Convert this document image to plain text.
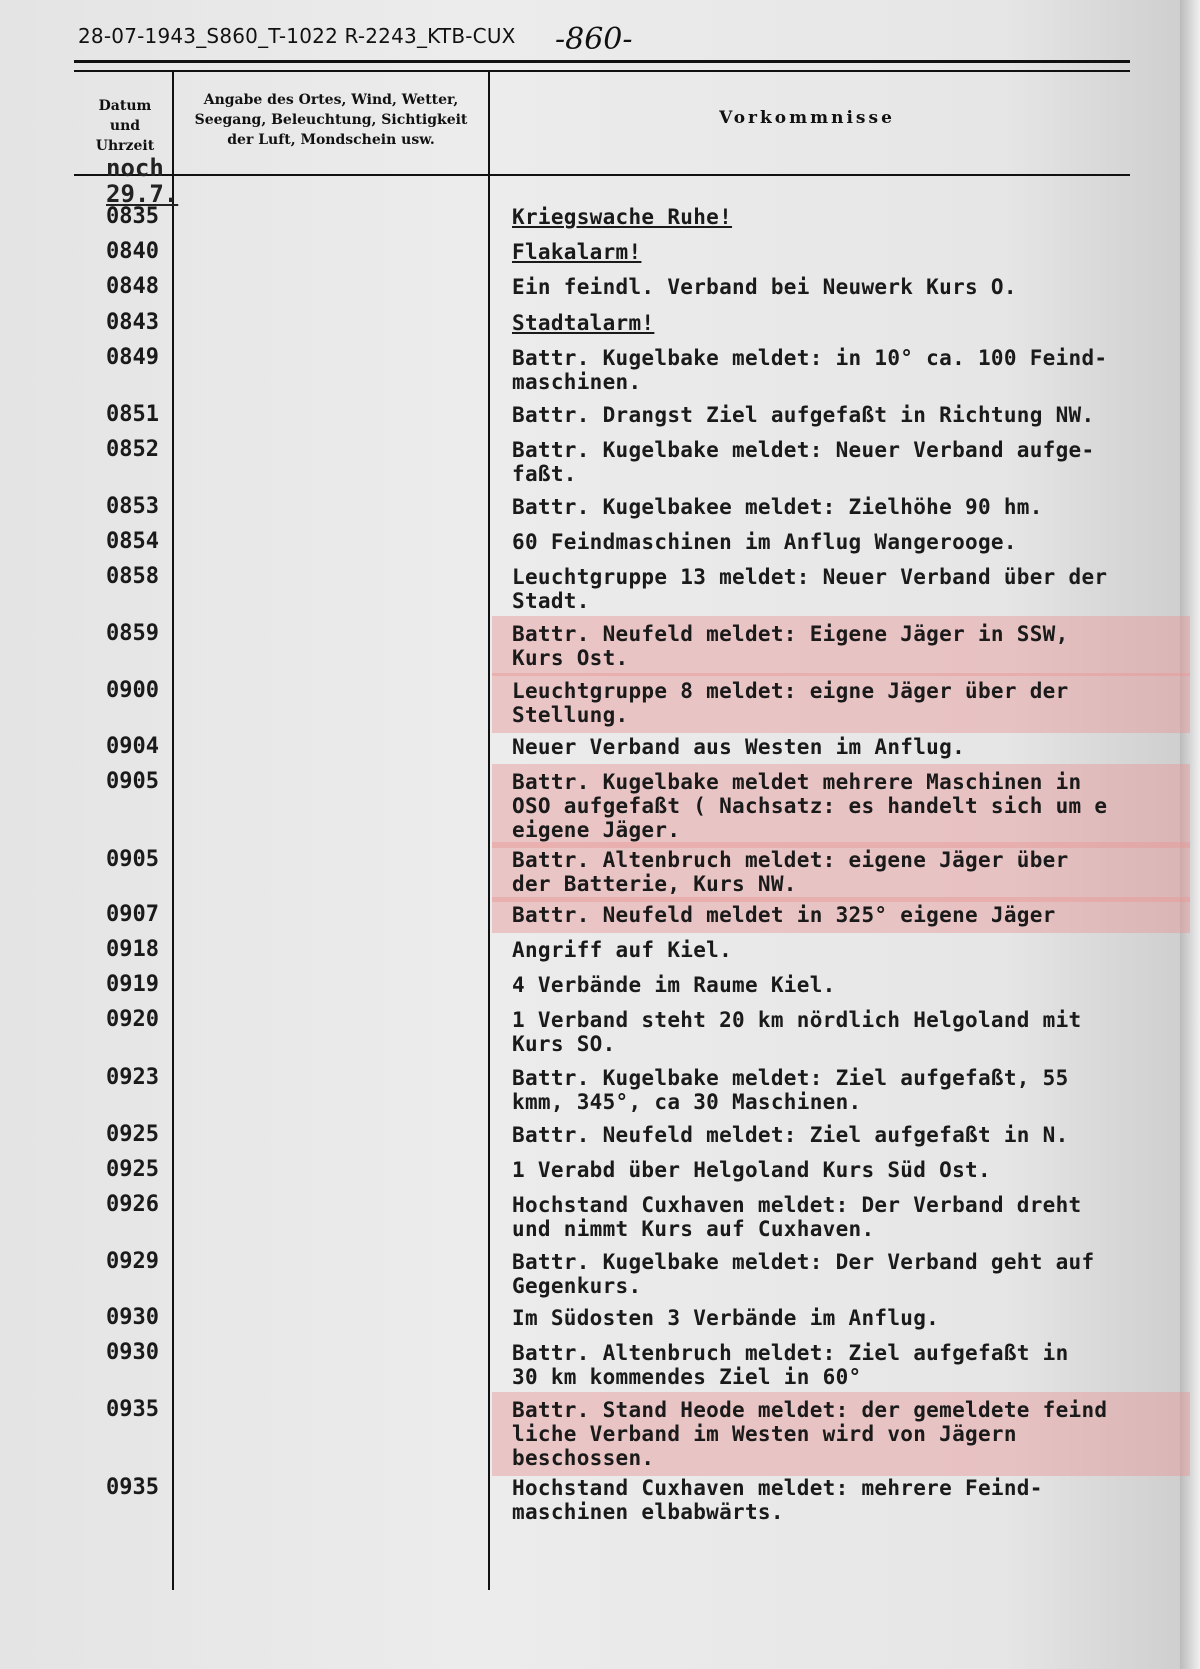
28-07-1943_S860_T-1022 R-2243_KTB-CUX -860-
Datum
und
Uhrzeit
Angabe des Ortes, Wind, Wetter,
Seegang, Beleuchtung, Sichtigkeit
der Luft, Mondschein usw.
Vorkommnisse
noch
29.7.
0835	Kriegswache Ruhe!
0840	Flakalarm!
0848	Ein feindl. Verband bei Neuwerk Kurs O.
0843	Stadtalarm!
0849	Battr. Kugelbake meldet: in 10° ca. 100 Feind-
maschinen.
0851	Battr. Drangst Ziel aufgefaßt in Richtung NW.
0852	Battr. Kugelbake meldet: Neuer Verband aufge-
faßt.
0853	Battr. Kugelbakee meldet: Zielhöhe 90 hm.
0854	60 Feindmaschinen im Anflug Wangerooge.
0858	Leuchtgruppe 13 meldet: Neuer Verband über der
Stadt.
0859	Battr. Neufeld meldet: Eigene Jäger in SSW,
Kurs Ost.
0900	Leuchtgruppe 8 meldet: eigne Jäger über der
Stellung.
0904	Neuer Verband aus Westen im Anflug.
0905	Battr. Kugelbake meldet mehrere Maschinen in
OSO aufgefaßt ( Nachsatz: es handelt sich um e
eigene Jäger.
0905	Battr. Altenbruch meldet: eigene Jäger über
der Batterie, Kurs NW.
0907	Battr. Neufeld meldet in 325° eigene Jäger
0918	Angriff auf Kiel.
0919	4 Verbände im Raume Kiel.
0920	1 Verband steht 20 km nördlich Helgoland mit
Kurs SO.
0923	Battr. Kugelbake meldet: Ziel aufgefaßt, 55
kmm, 345°, ca 30 Maschinen.
0925	Battr. Neufeld meldet: Ziel aufgefaßt in N.
0925	1 Verabd über Helgoland Kurs Süd Ost.
0926	Hochstand Cuxhaven meldet: Der Verband dreht
und nimmt Kurs auf Cuxhaven.
0929	Battr. Kugelbake meldet: Der Verband geht auf
Gegenkurs.
0930	Im Südosten 3 Verbände im Anflug.
0930	Battr. Altenbruch meldet: Ziel aufgefaßt in
30 km kommendes Ziel in 60°
0935	Battr. Stand Heode meldet: der gemeldete feind
liche Verband im Westen wird von Jägern
beschossen.
0935	Hochstand Cuxhaven meldet: mehrere Feind-
maschinen elbabwärts.
